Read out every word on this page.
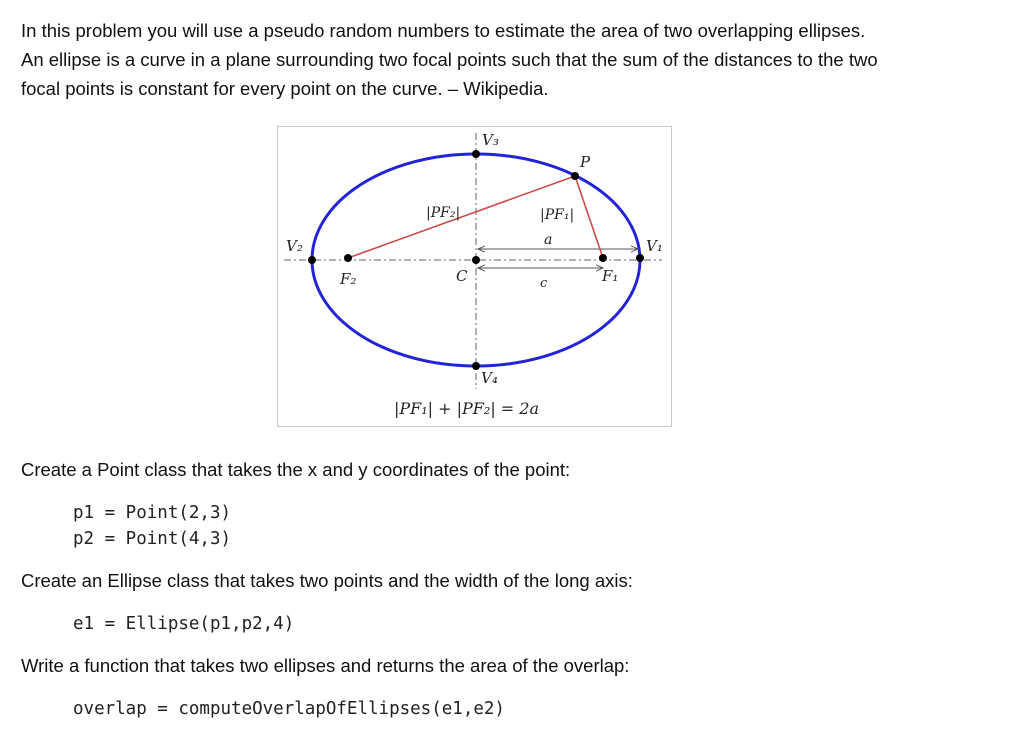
In this problem you will use a pseudo random numbers to estimate the area of two overlapping ellipses.

An ellipse is a curve in a plane surrounding two focal points such that the sum of the distances to the two

focal points is constant for every point on the curve. – Wikipedia.

V₃
V₄
V₂	V₁
F₂	F₁
C
P
|PF₂|	|PF₁|
a
c
|PF₁| + |PF₂| = 2a

Create a Point class that takes the x and y coordinates of the point:

p1 = Point(2,3)
p2 = Point(4,3)

Create an Ellipse class that takes two points and the width of the long axis:

e1 = Ellipse(p1,p2,4)

Write a function that takes two ellipses and returns the area of the overlap:

overlap = computeOverlapOfEllipses(e1,e2)
